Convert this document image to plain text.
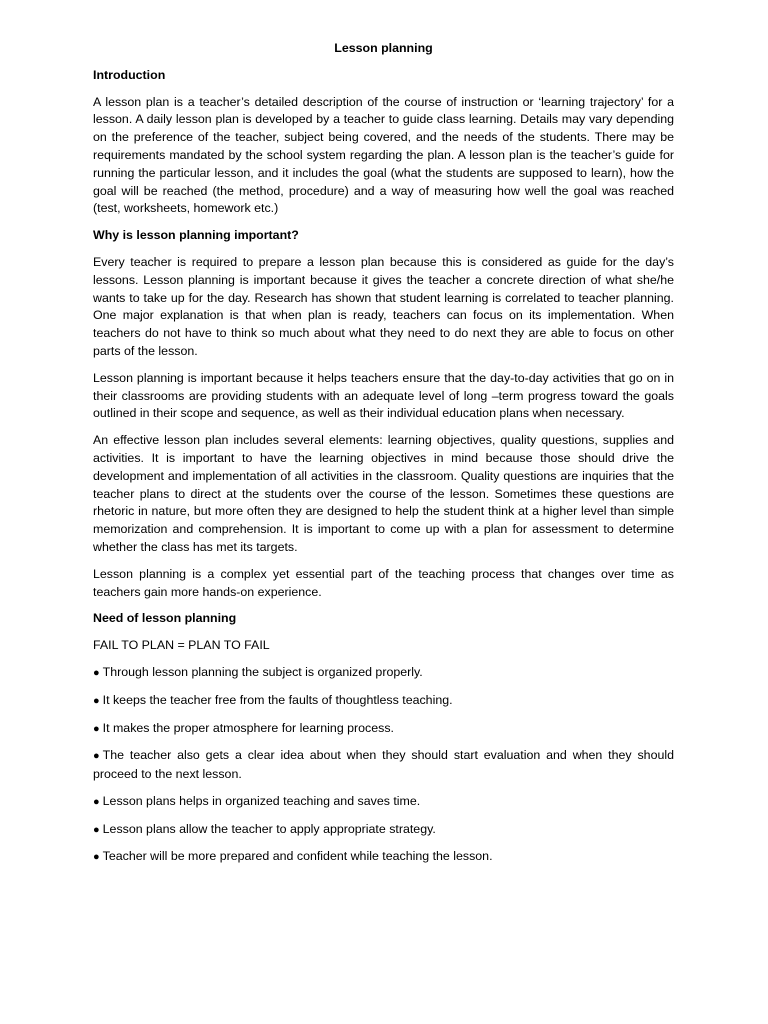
Lesson planning
Introduction

A lesson plan is a teacher’s detailed description of the course of instruction or ‘learning trajectory’ for a lesson. A daily lesson plan is developed by a teacher to guide class learning. Details may vary depending on the preference of the teacher, subject being covered, and the needs of the students. There may be requirements mandated by the school system regarding the plan. A lesson plan is the teacher’s guide for running the particular lesson, and it includes the goal (what the students are supposed to learn), how the goal will be reached (the method, procedure) and a way of measuring how well the goal was reached (test, worksheets, homework etc.)

Why is lesson planning important?

Every teacher is required to prepare a lesson plan because this is considered as guide for the day’s lessons. Lesson planning is important because it gives the teacher a concrete direction of what she/he wants to take up for the day. Research has shown that student learning is correlated to teacher planning. One major explanation is that when plan is ready, teachers can focus on its implementation. When teachers do not have to think so much about what they need to do next they are able to focus on other parts of the lesson.

Lesson planning is important because it helps teachers ensure that the day-to-day activities that go on in their classrooms are providing students with an adequate level of long –term progress toward the goals outlined in their scope and sequence, as well as their individual education plans when necessary.

An effective lesson plan includes several elements: learning objectives, quality questions, supplies and activities. It is important to have the learning objectives in mind because those should drive the development and implementation of all activities in the classroom. Quality questions are inquiries that the teacher plans to direct at the students over the course of the lesson. Sometimes these questions are rhetoric in nature, but more often they are designed to help the student think at a higher level than simple memorization and comprehension. It is important to come up with a plan for assessment to determine whether the class has met its targets.

Lesson planning is a complex yet essential part of the teaching process that changes over time as teachers gain more hands-on experience.

Need of lesson planning
FAIL TO PLAN = PLAN TO FAIL
● Through lesson planning the subject is organized properly.
● It keeps the teacher free from the faults of thoughtless teaching.
● It makes the proper atmosphere for learning process.
● The teacher also gets a clear idea about when they should start evaluation and when they should proceed to the next lesson.
● Lesson plans helps in organized teaching and saves time.
● Lesson plans allow the teacher to apply appropriate strategy.
● Teacher will be more prepared and confident while teaching the lesson.
